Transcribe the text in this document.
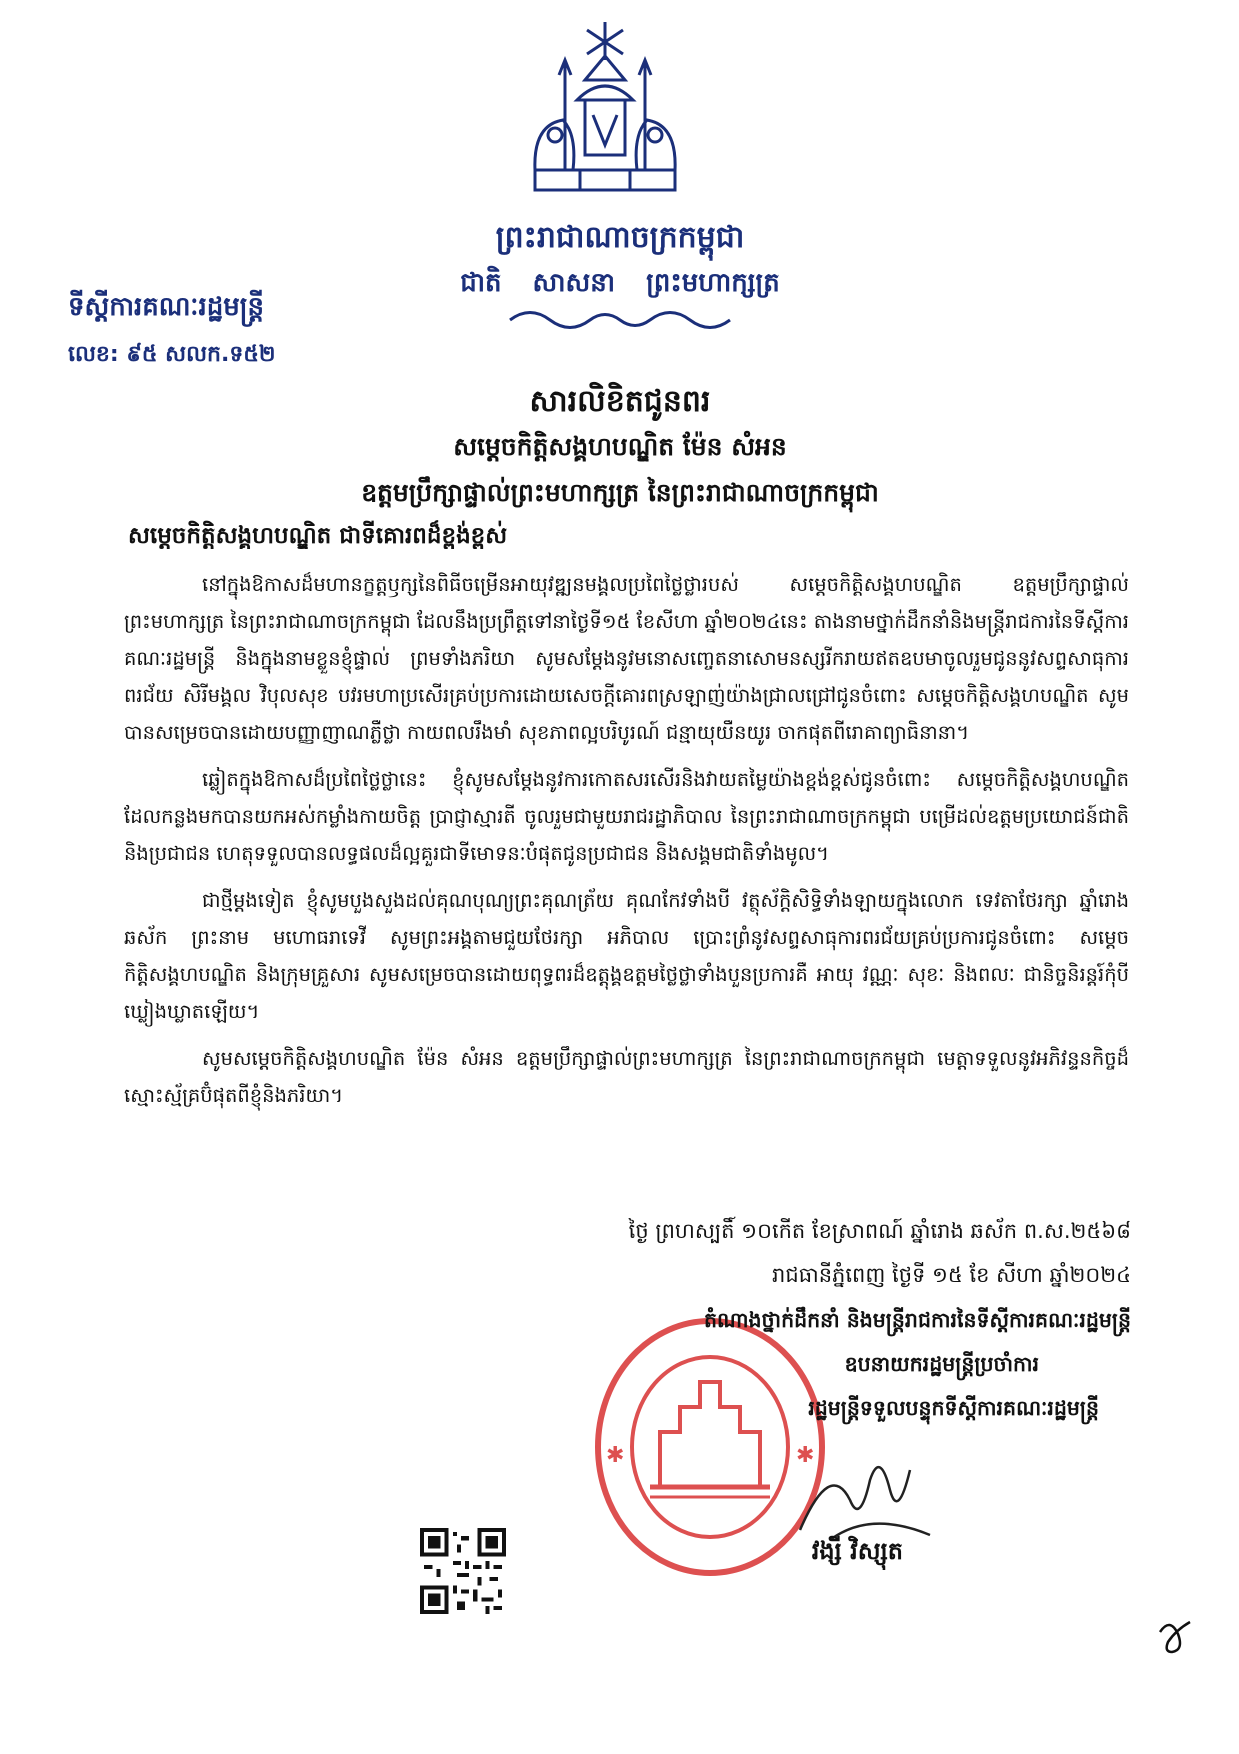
ព្រះរាជាណាចក្រកម្ពុជា
ជាតិ សាសនា ព្រះមហាក្សត្រ
ទីស្តីការគណៈរដ្ឋមន្ត្រី
លេខ: ៩៥ សលក.ទ៥២
សារលិខិតជូនពរ
សម្តេចកិត្តិសង្គហបណ្ឌិត ម៉ែន សំអន
ឧត្តមប្រឹក្សាផ្ទាល់ព្រះមហាក្សត្រ នៃព្រះរាជាណាចក្រកម្ពុជា
សម្តេចកិត្តិសង្គហបណ្ឌិត ជាទីគោរពដ៏ខ្ពង់ខ្ពស់

នៅក្នុងឱកាសដ៏មហានក្ខត្តឫក្សនៃពិធីចម្រើនអាយុវឌ្ឍនមង្គលប្រពៃថ្លៃថ្លារបស់ សម្តេចកិត្តិសង្គហបណ្ឌិត ឧត្តមប្រឹក្សាផ្ទាល់ព្រះមហាក្សត្រ នៃព្រះរាជាណាចក្រកម្ពុជា ដែលនឹងប្រព្រឹត្តទៅនាថ្ងៃទី១៥ ខែសីហា ឆ្នាំ២០២៤នេះ តាងនាមថ្នាក់ដឹកនាំនិងមន្ត្រីរាជការនៃទីស្តីការគណៈរដ្ឋមន្ត្រី និងក្នុងនាមខ្លួនខ្ញុំផ្ទាល់ ព្រមទាំងភរិយា សូមសម្តែងនូវមនោសញ្ចេតនាសោមនស្សរីករាយឥតឧបមាចូលរួមជូននូវសព្ទសាធុការពរជ័យ សិរីមង្គល វិបុលសុខ បវរមហាប្រសើរគ្រប់ប្រការដោយសេចក្តីគោរពស្រឡាញ់យ៉ាងជ្រាលជ្រៅជូនចំពោះ សម្តេចកិត្តិសង្គហបណ្ឌិត សូមបានសម្រេចបានដោយបញ្ញាញាណភ្លឺថ្លា កាយពលរឹងមាំ សុខភាពល្អបរិបូរណ៍ ជន្មាយុយឺនយូរ ចាកផុតពីរោគាព្យាធិនានា។

ឆ្លៀតក្នុងឱកាសដ៏ប្រពៃថ្លៃថ្លានេះ ខ្ញុំសូមសម្តែងនូវការកោតសរសើរនិងវាយតម្លៃយ៉ាងខ្ពង់ខ្ពស់ជូនចំពោះ សម្តេចកិត្តិសង្គហបណ្ឌិត ដែលកន្លងមកបានយកអស់កម្លាំងកាយចិត្ត ប្រាជ្ញាស្មារតី ចូលរួមជាមួយរាជរដ្ឋាភិបាល នៃព្រះរាជាណាចក្រកម្ពុជា បម្រើដល់ឧត្តមប្រយោជន៍ជាតិ និងប្រជាជន ហេតុទទួលបានលទ្ធផលដ៏ល្អគួរជាទីមោទនៈបំផុតជូនប្រជាជន និងសង្គមជាតិទាំងមូល។

ជាថ្មីម្តងទៀត ខ្ញុំសូមបួងសួងដល់គុណបុណ្យព្រះគុណត្រ័យ គុណកែវទាំងបី វត្ថុស័ក្តិសិទ្ធិទាំងឡាយក្នុងលោក ទេវតាថែរក្សា ឆ្នាំរោង ឆស័ក ព្រះនាម មហោធរាទេវី សូមព្រះអង្គតាមជួយថែរក្សា អភិបាល ប្រោះព្រំនូវសព្ទសាធុការពរជ័យគ្រប់ប្រការជូនចំពោះ សម្តេចកិត្តិសង្គហបណ្ឌិត និងក្រុមគ្រួសារ សូមសម្រេចបានដោយពុទ្ធពរដ៏ឧត្តុង្គឧត្តមថ្លៃថ្លាទាំងបួនប្រការគឺ អាយុ វណ្ណៈ សុខៈ និងពលៈ ជានិច្ចនិរន្តរ៍កុំបីឃ្លៀងឃ្លាតឡើយ។

សូមសម្តេចកិត្តិសង្គហបណ្ឌិត ម៉ែន សំអន ឧត្តមប្រឹក្សាផ្ទាល់ព្រះមហាក្សត្រ នៃព្រះរាជាណាចក្រកម្ពុជា មេត្តាទទួលនូវអភិវន្ទនកិច្ចដ៏ស្មោះស្ម័គ្រប៊ំផុតពីខ្ញុំនិងភរិយា។

ថ្ងៃ ព្រហស្បតិ៍ ១០កើត ខែស្រាពណ៍ ឆ្នាំរោង ឆស័ក ព.ស.២៥៦៨
រាជធានីភ្នំពេញ ថ្ងៃទី ១៥ ខែ សីហា ឆ្នាំ២០២៤
✱	✱
តំណាងថ្នាក់ដឹកនាំ និងមន្ត្រីរាជការនៃទីស្តីការគណៈរដ្ឋមន្ត្រី
ឧបនាយករដ្ឋមន្ត្រីប្រចាំការ
រដ្ឋមន្ត្រីទទួលបន្ទុកទីស្តីការគណៈរដ្ឋមន្ត្រី
វង្សី វិស្សុត
